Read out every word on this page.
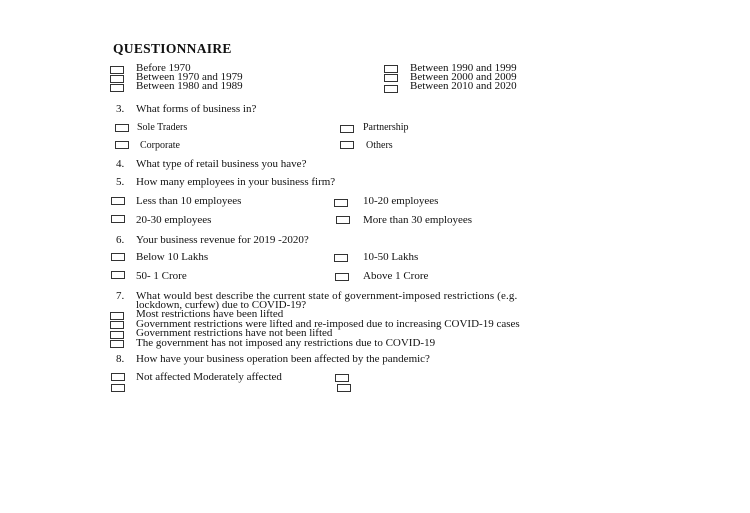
QUESTIONNAIRE
Before 1970
Between 1970 and 1979
Between 1980 and 1989
Between 1990 and 1999
Between 2000 and 2009
Between 2010 and 2020
3. What forms of business in?
Sole Traders	Partnership
Corporate	Others
4. What type of retail business you have?
5. How many employees in your business firm?
Less than 10 employees	10-20 employees
20-30 employees	More than 30 employees
6. Your business revenue for 2019 -2020?
Below 10 Lakhs	10-50 Lakhs
50- 1 Crore	Above 1 Crore
7. What would best describe the current state of government-imposed restrictions (e.g.
lockdown, curfew) due to COVID-19?
Most restrictions have been lifted
Government restrictions were lifted and re-imposed due to increasing COVID-19 cases
Government restrictions have not been lifted
The government has not imposed any restrictions due to COVID-19
8. How have your business operation been affected by the pandemic?
Not affected Moderately affected
